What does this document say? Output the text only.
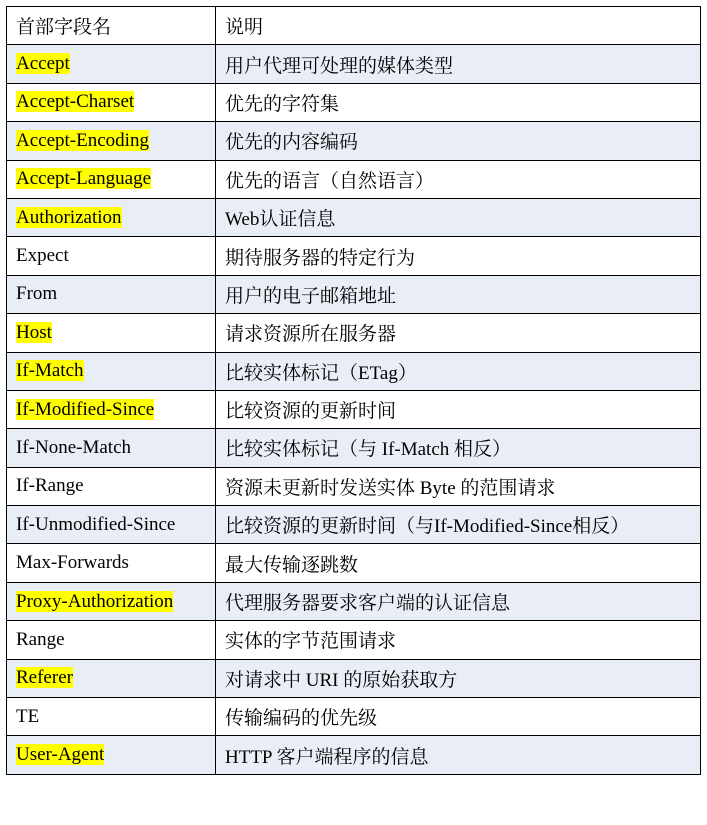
首部字段名	说明
Accept	用户代理可处理的媒体类型
Accept-Charset	优先的字符集
Accept-Encoding	优先的内容编码
Accept-Language	优先的语言（自然语言）
Authorization	Web认证信息
Expect	期待服务器的特定行为
From	用户的电子邮箱地址
Host	请求资源所在服务器
If-Match	比较实体标记（ETag）
If-Modified-Since	比较资源的更新时间
If-None-Match	比较实体标记（与 If-Match 相反）
If-Range	资源未更新时发送实体 Byte 的范围请求
If-Unmodified-Since	比较资源的更新时间（与If-Modified-Since相反）
Max-Forwards	最大传输逐跳数
Proxy-Authorization	代理服务器要求客户端的认证信息
Range	实体的字节范围请求
Referer	对请求中 URI 的原始获取方
TE	传输编码的优先级
User-Agent	HTTP 客户端程序的信息
